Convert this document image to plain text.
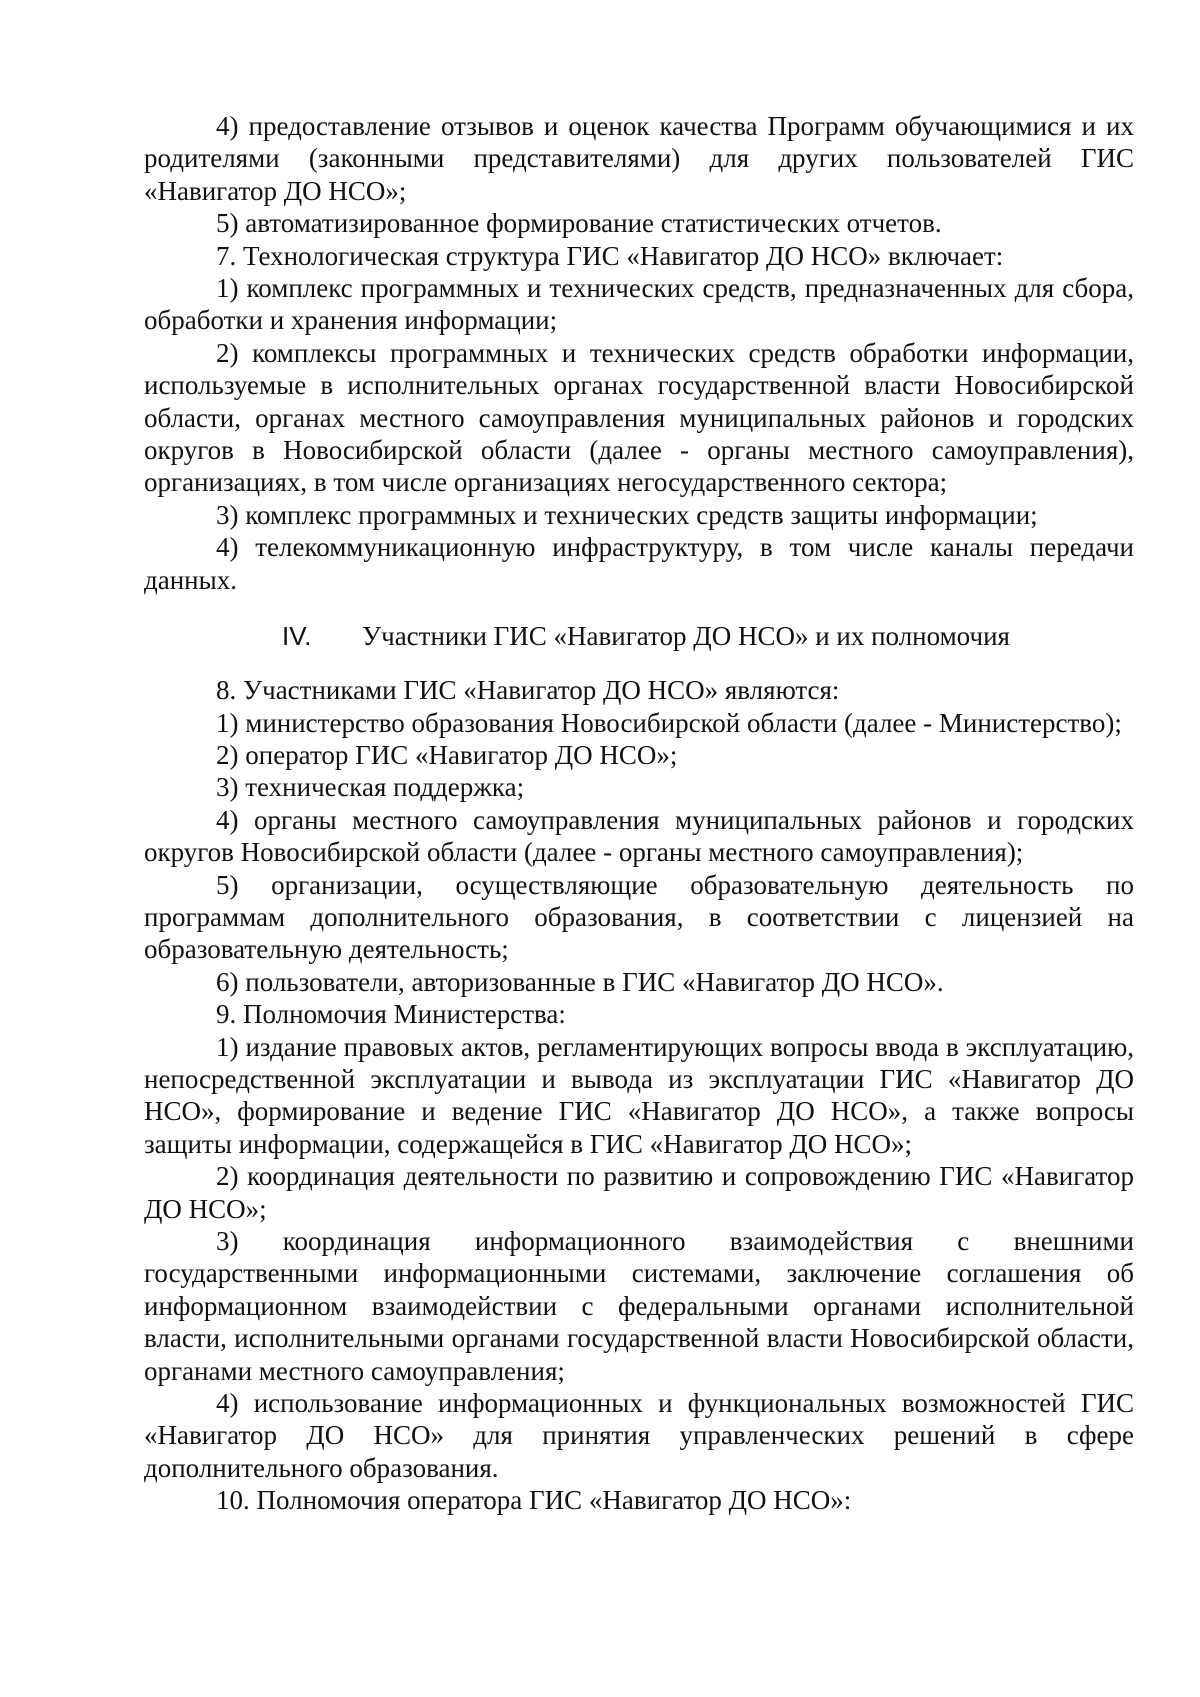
4) предоставление отзывов и оценок качества Программ обучающимися и их родителями (законными представителями) для других пользователей ГИС «Навигатор ДО НСО»;

5) автоматизированное формирование статистических отчетов.

7. Технологическая структура ГИС «Навигатор ДО НСО» включает:

1) комплекс программных и технических средств, предназначенных для сбора, обработки и хранения информации;

2) комплексы программных и технических средств обработки информации, используемые в исполнительных органах государственной власти Новосибирской области, органах местного самоуправления муниципальных районов и городских округов в Новосибирской области (далее - органы местного самоуправления), организациях, в том числе организациях негосударственного сектора;

3) комплекс программных и технических средств защиты информации;

4) телекоммуникационную инфраструктуру, в том числе каналы передачи данных.

IV. Участники ГИС «Навигатор ДО НСО» и их полномочия

8. Участниками ГИС «Навигатор ДО НСО» являются:

1) министерство образования Новосибирской области (далее - Министерство);

2) оператор ГИС «Навигатор ДО НСО»;

3) техническая поддержка;

4) органы местного самоуправления муниципальных районов и городских округов Новосибирской области (далее - органы местного самоуправления);

5) организации, осуществляющие образовательную деятельность по программам дополнительного образования, в соответствии с лицензией на образовательную деятельность;

6) пользователи, авторизованные в ГИС «Навигатор ДО НСО».

9. Полномочия Министерства:

1) издание правовых актов, регламентирующих вопросы ввода в эксплуатацию, непосредственной эксплуатации и вывода из эксплуатации ГИС «Навигатор ДО НСО», формирование и ведение ГИС «Навигатор ДО НСО», а также вопросы защиты информации, содержащейся в ГИС «Навигатор ДО НСО»;

2) координация деятельности по развитию и сопровождению ГИС «Навигатор ДО НСО»;

3) координация информационного взаимодействия с внешними государственными информационными системами, заключение соглашения об информационном взаимодействии с федеральными органами исполнительной власти, исполнительными органами государственной власти Новосибирской области, органами местного самоуправления;

4) использование информационных и функциональных возможностей ГИС «Навигатор ДО НСО» для принятия управленческих решений в сфере дополнительного образования.

10. Полномочия оператора ГИС «Навигатор ДО НСО»:
